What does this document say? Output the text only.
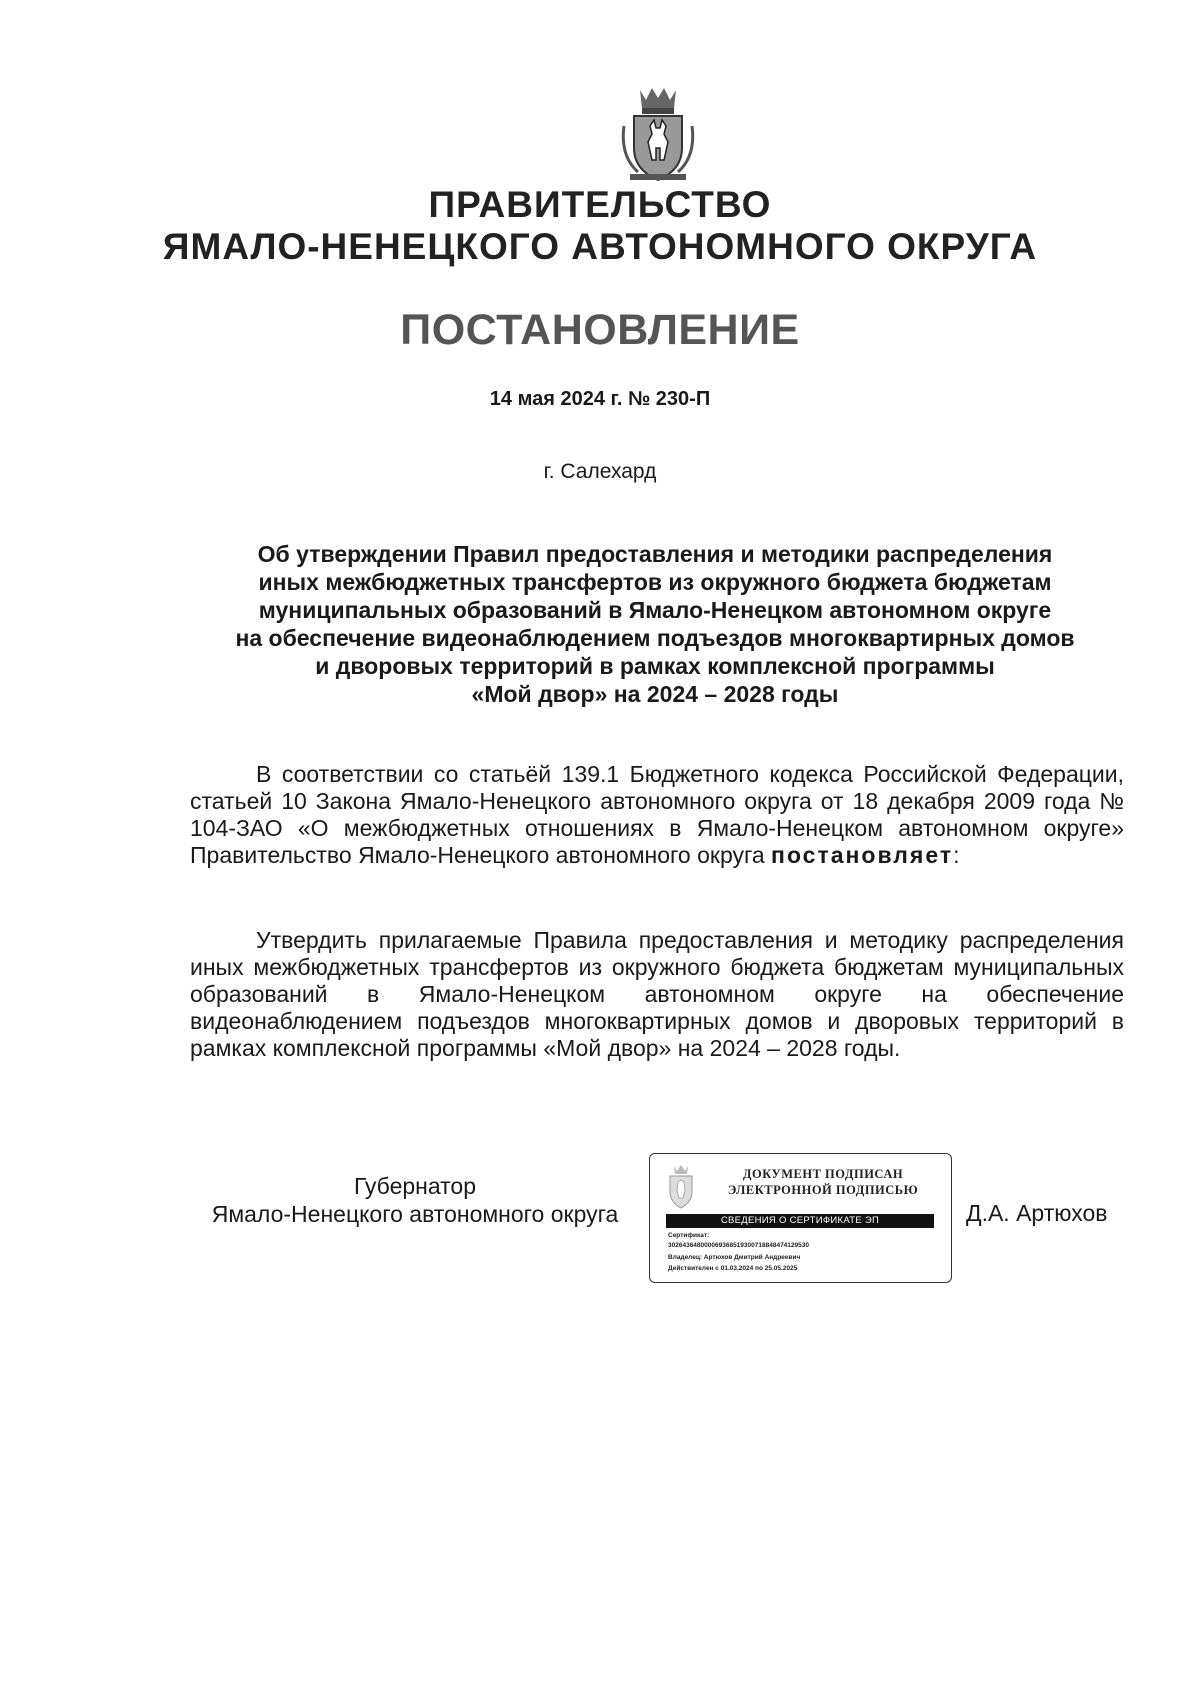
ПРАВИТЕЛЬСТВО
ЯМАЛО-НЕНЕЦКОГО АВТОНОМНОГО ОКРУГА
ПОСТАНОВЛЕНИЕ
14 мая 2024 г. № 230-П
г. Салехард
Об утверждении Правил предоставления и методики распределения
иных межбюджетных трансфертов из окружного бюджета бюджетам
муниципальных образований в Ямало-Ненецком автономном округе
на обеспечение видеонаблюдением подъездов многоквартирных домов
и дворовых территорий в рамках комплексной программы
«Мой двор» на 2024 – 2028 годы
В соответствии со статьёй 139.1 Бюджетного кодекса Российской Федерации, статьей 10 Закона Ямало-Ненецкого автономного округа от 18 декабря 2009 года № 104-ЗАО «О межбюджетных отношениях в Ямало-Ненецком автономном округе» Правительство Ямало-Ненецкого автономного округа постановляет:
Утвердить прилагаемые Правила предоставления и методику распределения иных межбюджетных трансфертов из окружного бюджета бюджетам муниципальных образований в Ямало-Ненецком автономном округе на обеспечение видеонаблюдением подъездов многоквартирных домов и дворовых территорий в рамках комплексной программы «Мой двор» на 2024 – 2028 годы.
Губернатор
Ямало-Ненецкого автономного округа
ДОКУМЕНТ ПОДПИСАН
ЭЛЕКТРОННОЙ ПОДПИСЬЮ
СВЕДЕНИЯ О СЕРТИФИКАТЕ ЭП
Сертификат:
302643648000069368519300718848474129530
Владелец: Артюхов Дмитрий Андреевич
Действителен с 01.03.2024 по 25.05.2025
Д.А. Артюхов
